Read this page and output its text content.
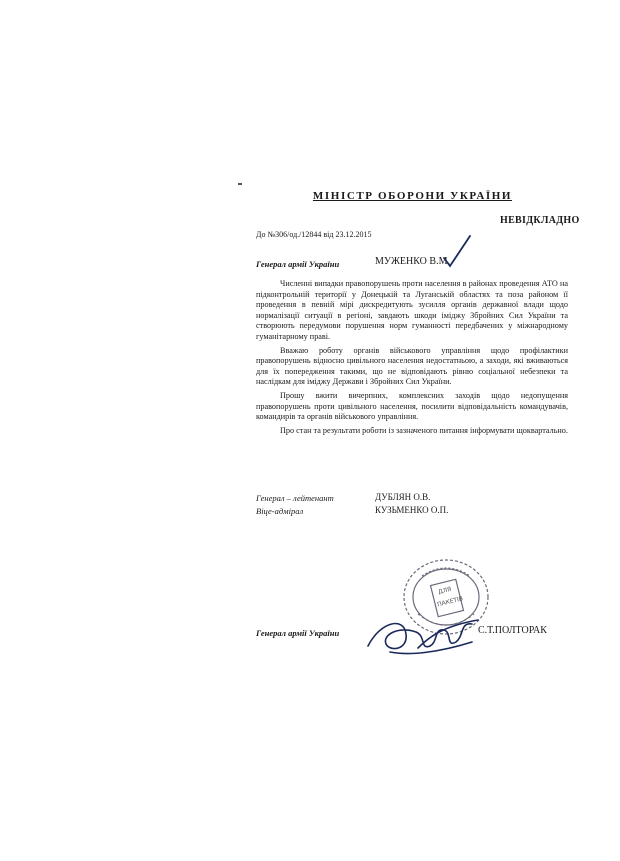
МІНІСТР ОБОРОНИ УКРАЇНИ
НЕВІДКЛАДНО
До №306/од./12844 від 23.12.2015
Генерал армії України	МУЖЕНКО В.М.

Численні випадки правопорушень проти населення в районах проведення АТО на підконтрольній території у Донецькій та Луганській областях та поза районом її проведення в певній мірі дискредитують зусилля органів державної влади щодо нормалізації ситуації в регіоні, завдають шкоди іміджу Збройних Сил України та створюють передумови порушення норм гуманності передбачених у міжнародному гуманітарному праві.

Вважаю роботу органів військового управління щодо профілактики правопорушень відносно цивільного населення недостатньою, а заходи, які вживаються для їх попередження такими, що не відповідають рівню соціальної небезпеки та наслідкам для іміджу Держави і Збройних Сил України.

Прошу вжити вичерпних, комплексних заходів щодо недопущення правопорушень проти цивільного населення, посилити відповідальність командувачів, командирів та органів військового управління.

Про стан та результати роботи із зазначеного питання інформувати щоквартально.

Генерал – лейтенант	ДУБЛЯН О.В.
Віце-адмірал	КУЗЬМЕНКО О.П.
ДЛЯ
ПАКЕТІВ
Генерал армії України	С.Т.ПОЛТОРАК
